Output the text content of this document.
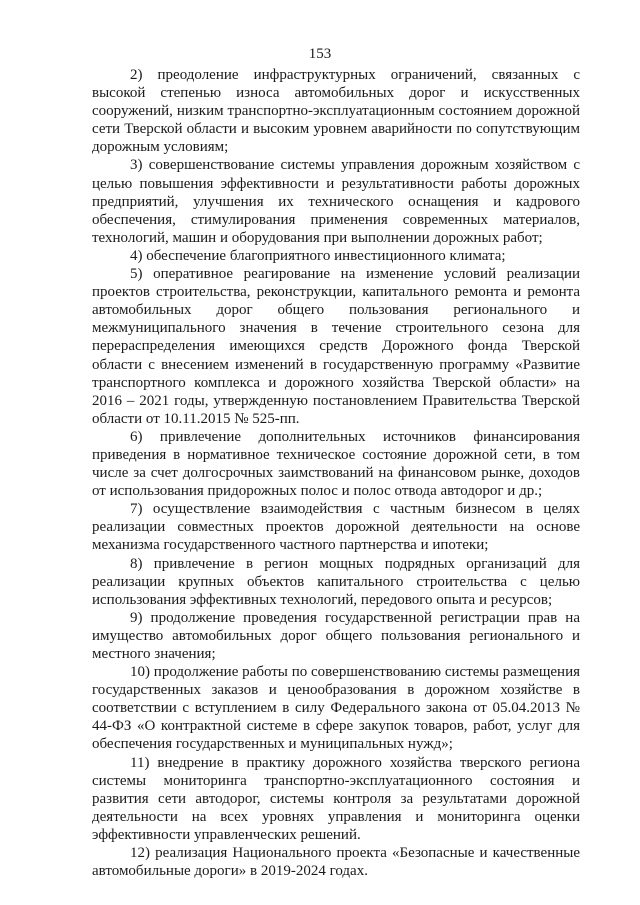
153

2) преодоление инфраструктурных ограничений, связанных с высокой степенью износа автомобильных дорог и искусственных сооружений, низким транспортно-эксплуатационным состоянием дорожной сети Тверской области и высоким уровнем аварийности по сопутствующим дорожным условиям;

3) совершенствование системы управления дорожным хозяйством с целью повышения эффективности и результативности работы дорожных предприятий, улучшения их технического оснащения и кадрового обеспечения, стимулирования применения современных материалов, технологий, машин и оборудования при выполнении дорожных работ;

4) обеспечение благоприятного инвестиционного климата;

5) оперативное реагирование на изменение условий реализации проектов строительства, реконструкции, капитального ремонта и ремонта автомобильных дорог общего пользования регионального и межмуниципального значения в течение строительного сезона для перераспределения имеющихся средств Дорожного фонда Тверской области с внесением изменений в государственную программу «Развитие транспортного комплекса и дорожного хозяйства Тверской области» на 2016 – 2021 годы, утвержденную постановлением Правительства Тверской области от 10.11.2015 № 525-пп.

6) привлечение дополнительных источников финансирования приведения в нормативное техническое состояние дорожной сети, в том числе за счет долгосрочных заимствований на финансовом рынке, доходов от использования придорожных полос и полос отвода автодорог и др.;

7) осуществление взаимодействия с частным бизнесом в целях реализации совместных проектов дорожной деятельности на основе механизма государственного частного партнерства и ипотеки;

8) привлечение в регион мощных подрядных организаций для реализации крупных объектов капитального строительства с целью использования эффективных технологий, передового опыта и ресурсов;

9) продолжение проведения государственной регистрации прав на имущество автомобильных дорог общего пользования регионального и местного значения;

10) продолжение работы по совершенствованию системы размещения государственных заказов и ценообразования в дорожном хозяйстве в соответствии с вступлением в силу Федерального закона от 05.04.2013 № 44-ФЗ «О контрактной системе в сфере закупок товаров, работ, услуг для обеспечения государственных и муниципальных нужд»;

11) внедрение в практику дорожного хозяйства тверского региона системы мониторинга транспортно-эксплуатационного состояния и развития сети автодорог, системы контроля за результатами дорожной деятельности на всех уровнях управления и мониторинга оценки эффективности управленческих решений.

12) реализация Национального проекта «Безопасные и качественные автомобильные дороги» в 2019-2024 годах.
